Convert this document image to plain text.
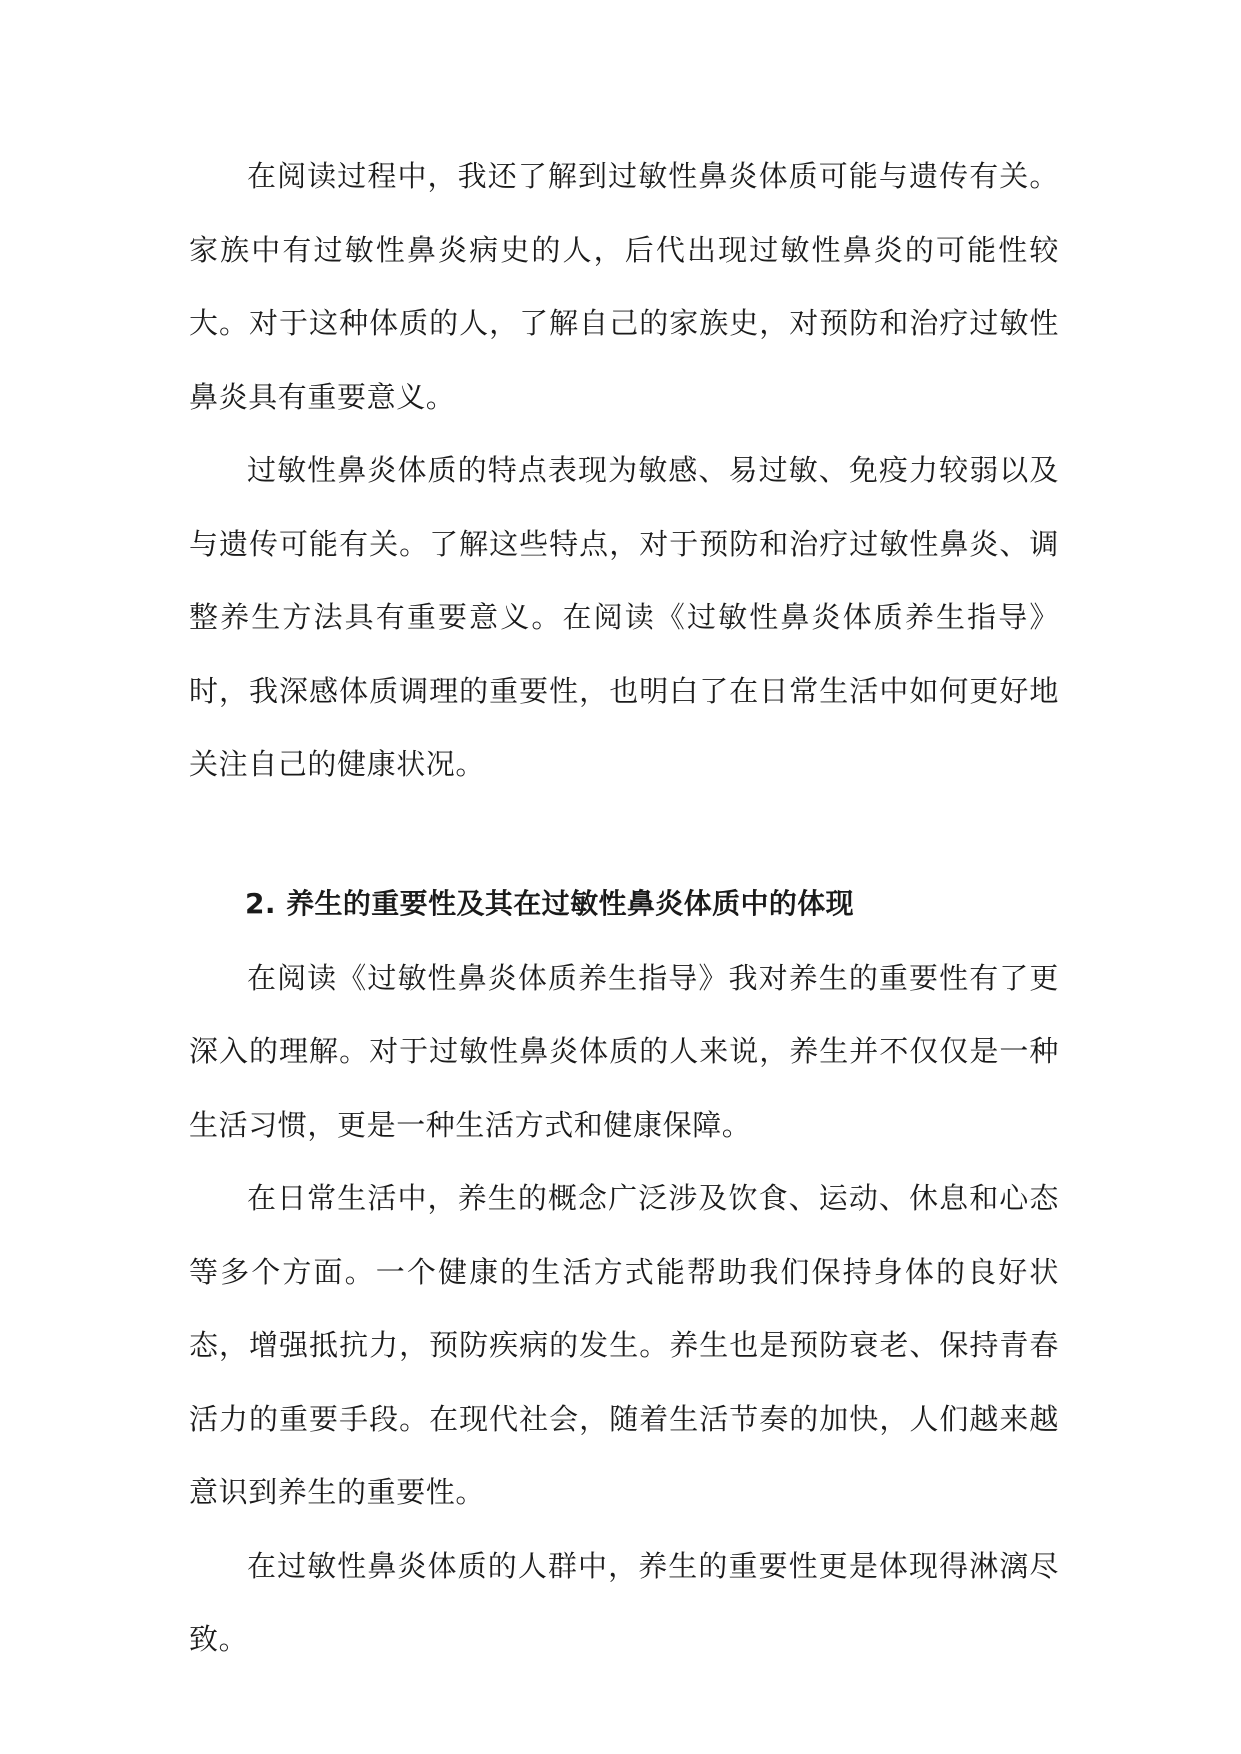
在阅读过程中，我还了解到过敏性鼻炎体质可能与遗传有关。家族中有过敏性鼻炎病史的人，后代出现过敏性鼻炎的可能性较大。对于这种体质的人，了解自己的家族史，对预防和治疗过敏性鼻炎具有重要意义。

过敏性鼻炎体质的特点表现为敏感、易过敏、免疫力较弱以及与遗传可能有关。了解这些特点，对于预防和治疗过敏性鼻炎、调整养生方法具有重要意义。在阅读《过敏性鼻炎体质养生指导》时，我深感体质调理的重要性，也明白了在日常生活中如何更好地关注自己的健康状况。

2. 养生的重要性及其在过敏性鼻炎体质中的体现

在阅读《过敏性鼻炎体质养生指导》我对养生的重要性有了更深入的理解。对于过敏性鼻炎体质的人来说，养生并不仅仅是一种生活习惯，更是一种生活方式和健康保障。

在日常生活中，养生的概念广泛涉及饮食、运动、休息和心态等多个方面。一个健康的生活方式能帮助我们保持身体的良好状态，增强抵抗力，预防疾病的发生。养生也是预防衰老、保持青春活力的重要手段。在现代社会，随着生活节奏的加快，人们越来越意识到养生的重要性。

在过敏性鼻炎体质的人群中，养生的重要性更是体现得淋漓尽致。
